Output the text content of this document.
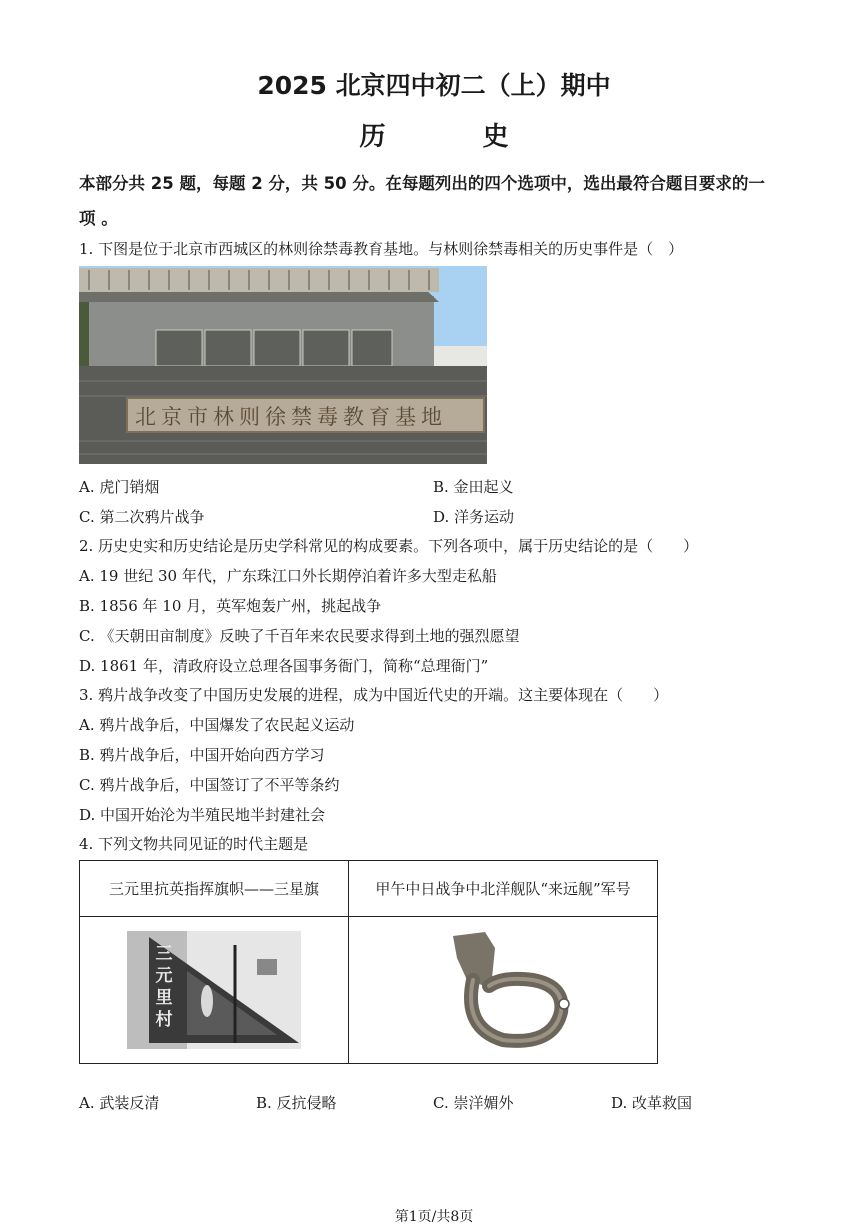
2025 北京四中初二（上）期中
历 史
本部分共 25 题，每题 2 分，共 50 分。在每题列出的四个选项中，选出最符合题目要求的一
项 。
1. 下图是位于北京市西城区的林则徐禁毒教育基地。与林则徐禁毒相关的历史事件是（　）
北京市林则徐禁毒教育基地
A. 虎门销烟	B. 金田起义
C. 第二次鸦片战争	D. 洋务运动
2. 历史史实和历史结论是历史学科常见的构成要素。下列各项中，属于历史结论的是（　　）
A. 19 世纪 30 年代，广东珠江口外长期停泊着许多大型走私船
B. 1856 年 10 月，英军炮轰广州，挑起战争
C. 《天朝田亩制度》反映了千百年来农民要求得到土地的强烈愿望
D. 1861 年，清政府设立总理各国事务衙门，简称“总理衙门”
3. 鸦片战争改变了中国历史发展的进程，成为中国近代史的开端。这主要体现在（　　）
A. 鸦片战争后，中国爆发了农民起义运动
B. 鸦片战争后，中国开始向西方学习
C. 鸦片战争后，中国签订了不平等条约
D. 中国开始沦为半殖民地半封建社会
4. 下列文物共同见证的时代主题是
三元里抗英指挥旗帜——三星旗	甲午中日战争中北洋舰队“来远舰”军号

三元里村

A. 武装反清	B. 反抗侵略	C. 崇洋媚外	D. 改革救国
第1页/共8页
